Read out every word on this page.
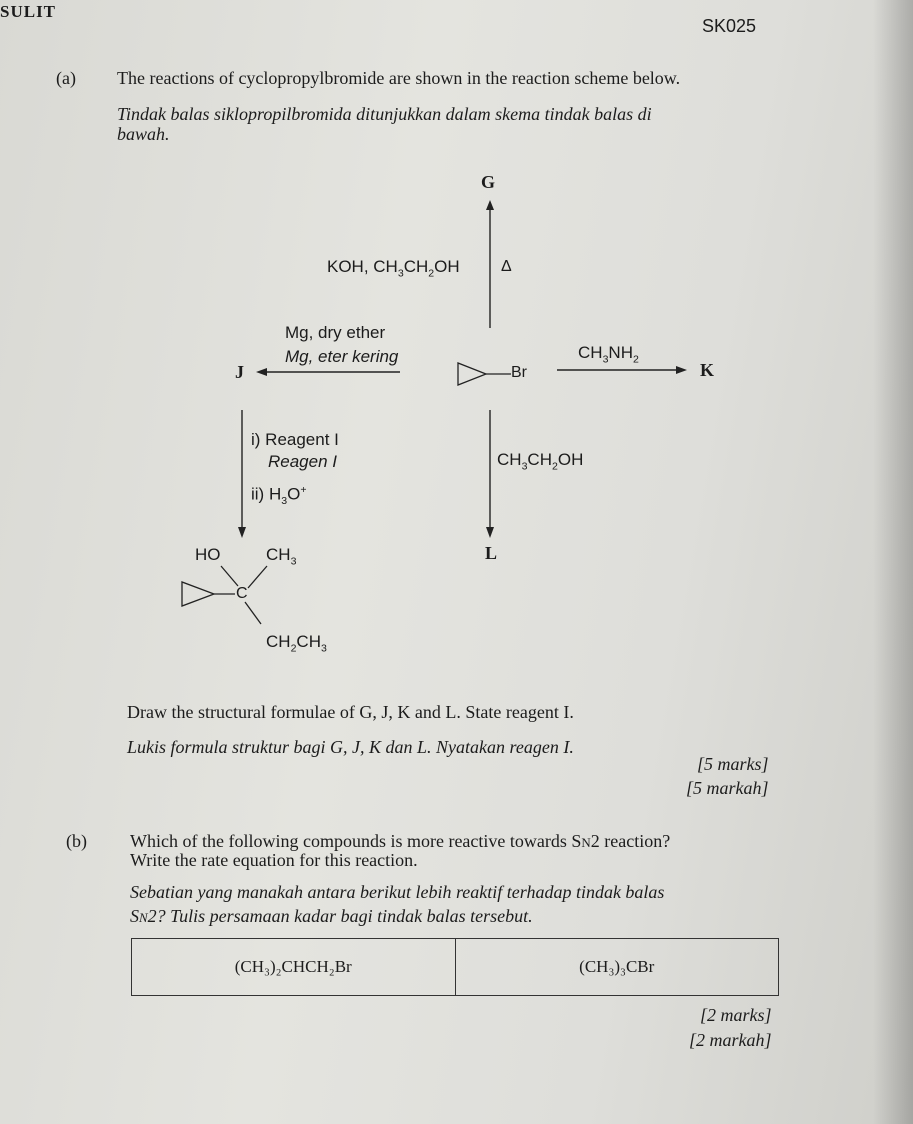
SULIT
SK025
(a) The reactions of cyclopropylbromide are shown in the reaction scheme below.
Tindak balas siklopropilbromida ditunjukkan dalam skema tindak balas di
bawah.
G
KOH, $CH_3CH_2OH$	Δ
Mg, dry ether
Mg, eter kering
J	Br
$CH_3NH_2$
K
i) Reagent I
Reagen I
ii) $H_3O^+$
$CH_3CH_2OH$
L
HO	$CH_3$
C
$CH_2CH_3$
Draw the structural formulae of G, J, K and L. State reagent I.
Lukis formula struktur bagi G, J, K dan L. Nyatakan reagen I.
[5 marks]
[5 markah]
(b) Which of the following compounds is more reactive towards SN2 reaction?
Write the rate equation for this reaction.
Sebatian yang manakah antara berikut lebih reaktif terhadap tindak balas
SN2? Tulis persamaan kadar bagi tindak balas tersebut.
(CH₃)₂CHCH₂Br	(CH₃)₃CBr
[2 marks]
[2 markah]
